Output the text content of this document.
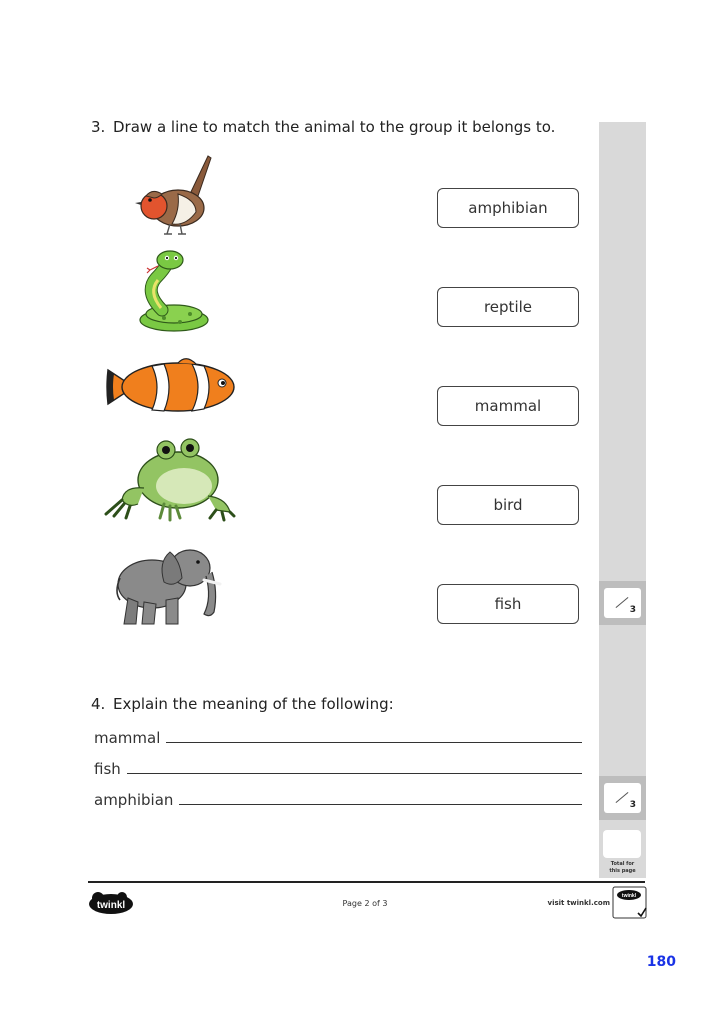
3
3
Total for
this page
3. Draw a line to match the animal to the group it belongs to.
amphibian
reptile
mammal
bird
fish
4. Explain the meaning of the following:
mammal
fish
amphibian
twinkl	Page 2 of 3	visit twinkl.com
twinkl
180
